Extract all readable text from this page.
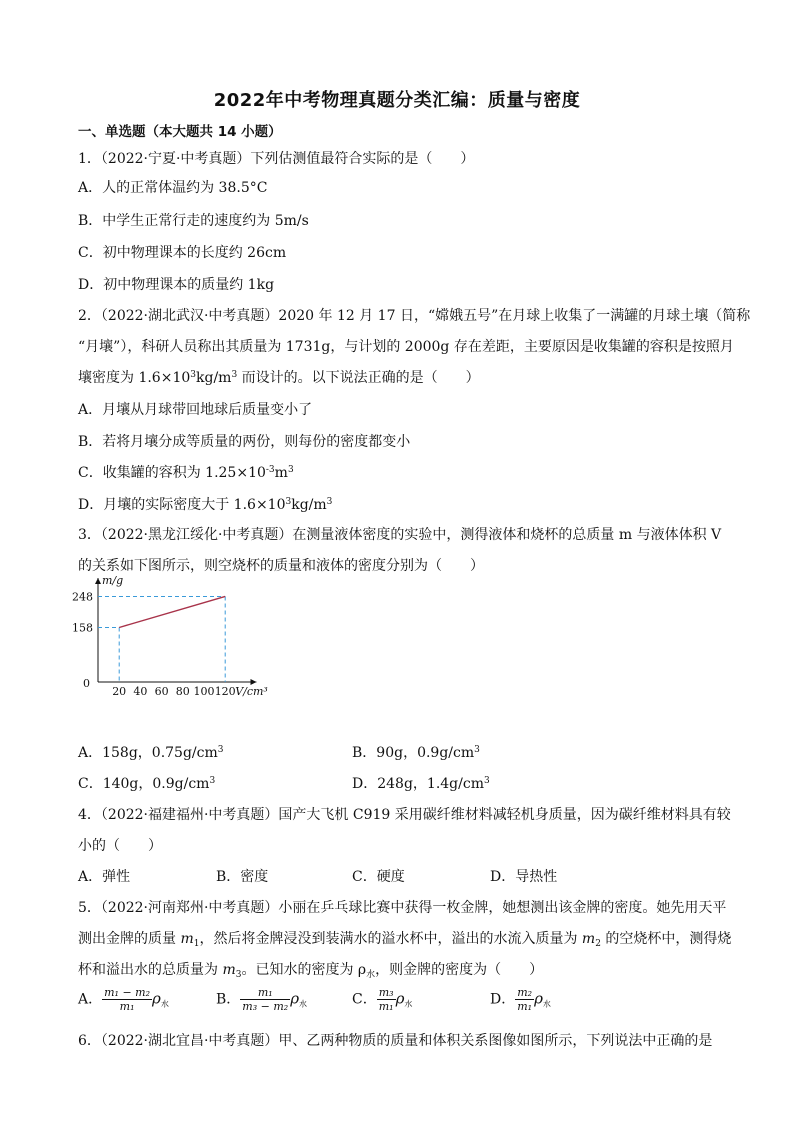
2022年中考物理真题分类汇编：质量与密度
一、单选题（本大题共 14 小题）
1．（2022·宁夏·中考真题）下列估测值最符合实际的是（　　）
A．人的正常体温约为 38.5°C
B．中学生正常行走的速度约为 5m/s
C．初中物理课本的长度约 26cm
D．初中物理课本的质量约 1kg
2．（2022·湖北武汉·中考真题）2020 年 12 月 17 日，“嫦娥五号”在月球上收集了一满罐的月球土壤（简称
“月壤”），科研人员称出其质量为 1731g，与计划的 2000g 存在差距，主要原因是收集罐的容积是按照月
壤密度为 $1.6\times 10^3kg/m^3$ 而设计的。以下说法正确的是（　　）
A．月壤从月球带回地球后质量变小了
B．若将月壤分成等质量的两份，则每份的密度都变小
C．收集罐的容积为 $1.25\times 10^{-3}m^3$
D．月壤的实际密度大于 $1.6\times 10^3kg/m^3$
3．（2022·黑龙江绥化·中考真题）在测量液体密度的实验中，测得液体和烧杯的总质量 m 与液体体积 V
的关系如下图所示，则空烧杯的质量和液体的密度分别为（　　）
20 40 60 80 100 120
158
248
0
m/g
V/cm³
A．158g，$0.75g/cm^3$	B．90g，$0.9g/cm^3$
C．140g，$0.9g/cm^3$	D．248g，$1.4g/cm^3$
4．（2022·福建福州·中考真题）国产大飞机 C919 采用碳纤维材料减轻机身质量，因为碳纤维材料具有较
小的（　　）
A．弹性	B．密度	C．硬度	D．导热性
5．（2022·河南郑州·中考真题）小丽在乒乓球比赛中获得一枚金牌，她想测出该金牌的密度。她先用天平
测出金牌的质量 $m_1$，然后将金牌浸没到装满水的溢水杯中，溢出的水流入质量为 $m_2$ 的空烧杯中，测得烧
杯和溢出水的总质量为 $m_3$。已知水的密度为 $\rho_水$，则金牌的密度为（　　）
A． $\frac{\text{m₁ − m₂}}{\text{m₁}} \rho_水$	B． $\frac{\text{m₁}}{\text{m₃ − m₂}} \rho_水$	C． $\frac{\text{m₃}}{\text{m₁}} \rho_水$	D． $\frac{\text{m₂}}{\text{m₁}} \rho_水$
6．（2022·湖北宜昌·中考真题）甲、乙两种物质的质量和体积关系图像如图所示，下列说法中正确的是
